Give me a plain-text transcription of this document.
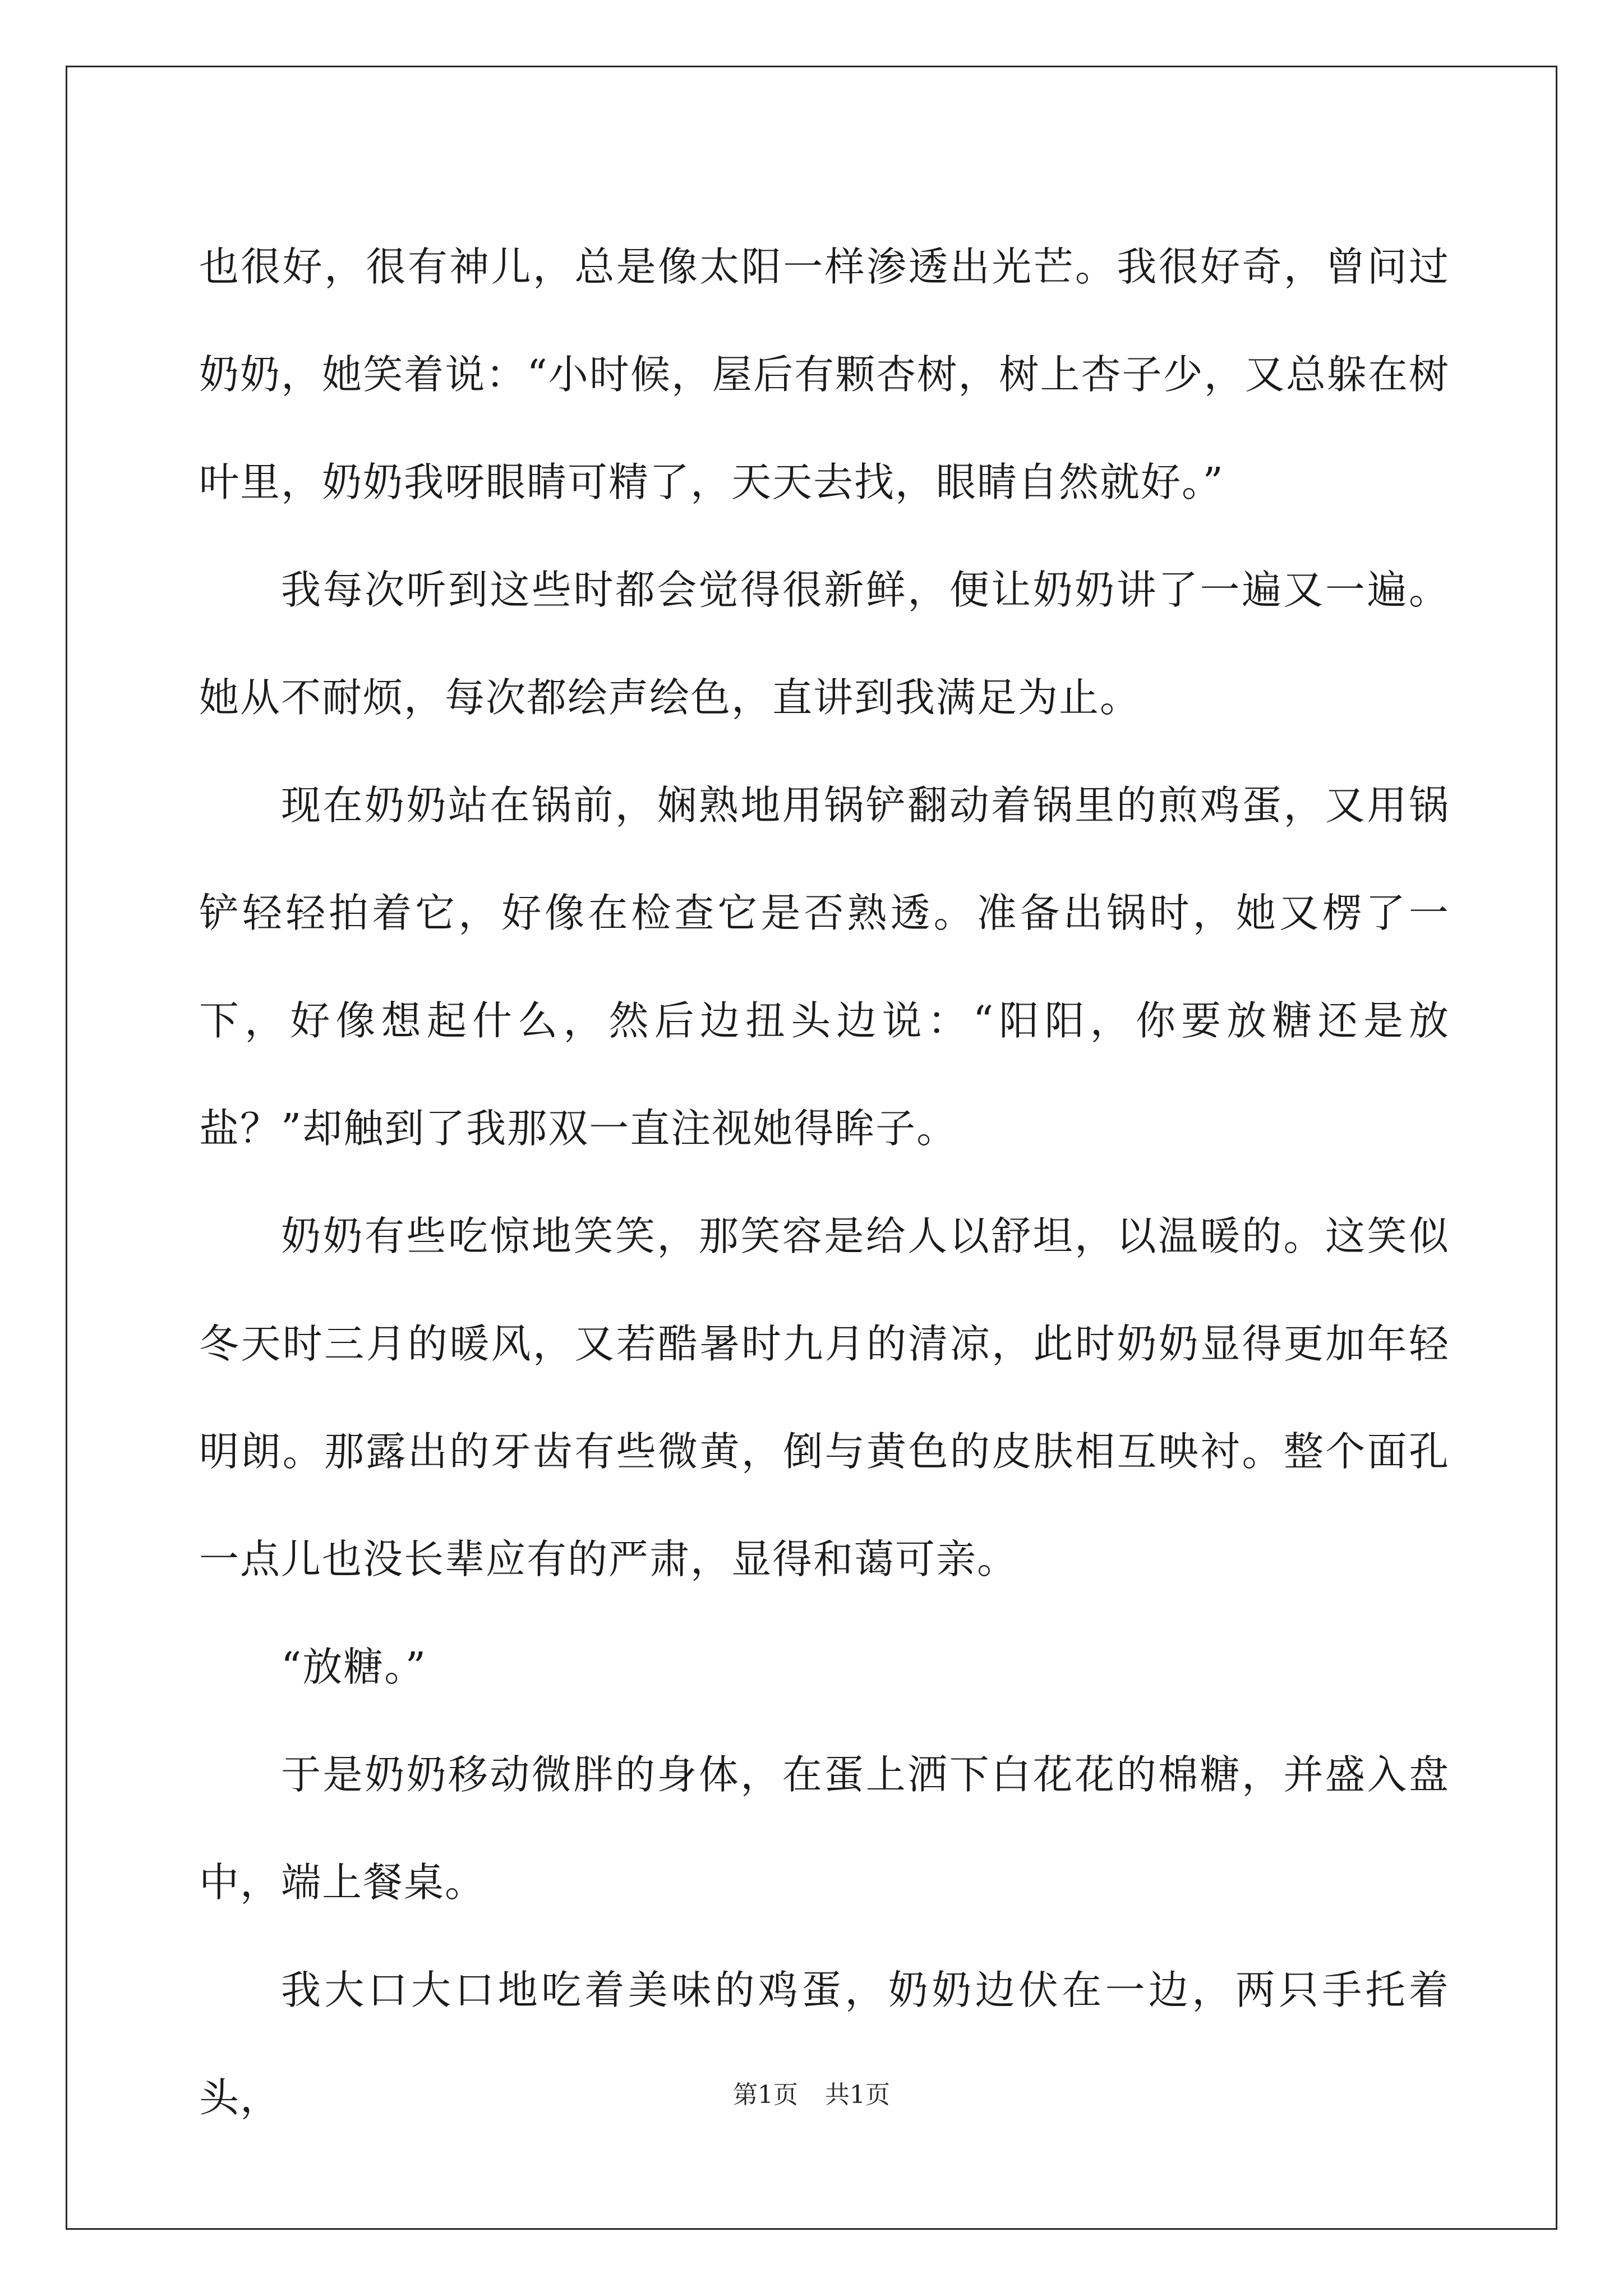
也很好，很有神儿，总是像太阳一样渗透出光芒。我很好奇，曾问过奶奶，她笑着说：“小时候，屋后有颗杏树，树上杏子少，又总躲在树叶里，奶奶我呀眼睛可精了，天天去找，眼睛自然就好。”

我每次听到这些时都会觉得很新鲜，便让奶奶讲了一遍又一遍。她从不耐烦，每次都绘声绘色，直讲到我满足为止。

现在奶奶站在锅前，娴熟地用锅铲翻动着锅里的煎鸡蛋，又用锅铲轻轻拍着它，好像在检查它是否熟透。准备出锅时，她又楞了一下，好像想起什么，然后边扭头边说：“阳阳，你要放糖还是放盐？”却触到了我那双一直注视她得眸子。

奶奶有些吃惊地笑笑，那笑容是给人以舒坦，以温暖的。这笑似冬天时三月的暖风，又若酷暑时九月的清凉，此时奶奶显得更加年轻明朗。那露出的牙齿有些微黄，倒与黄色的皮肤相互映衬。整个面孔一点儿也没长辈应有的严肃，显得和蔼可亲。

“放糖。”

于是奶奶移动微胖的身体，在蛋上洒下白花花的棉糖，并盛入盘中，端上餐桌。

我大口大口地吃着美味的鸡蛋，奶奶边伏在一边，两只手托着头，	第1页 共1页
